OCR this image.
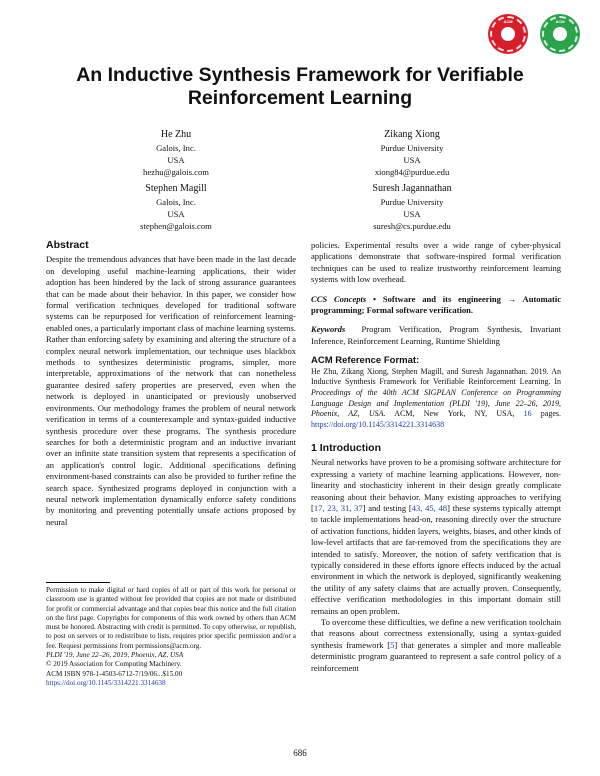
ACM	ACM
An Inductive Synthesis Framework for Verifiable
Reinforcement Learning
He Zhu
Galois, Inc.
USA
hezhu@galois.com
Zikang Xiong
Purdue University
USA
xiong84@purdue.edu
Stephen Magill
Galois, Inc.
USA
stephen@galois.com
Suresh Jagannathan
Purdue University
USA
suresh@cs.purdue.edu
Abstract

Despite the tremendous advances that have been made in the last decade on developing useful machine-learning applications, their wider adoption has been hindered by the lack of strong assurance guarantees that can be made about their behavior. In this paper, we consider how formal verification techniques developed for traditional software systems can be repurposed for verification of reinforcement learning-enabled ones, a particularly important class of machine learning systems. Rather than enforcing safety by examining and altering the structure of a complex neural network implementation, our technique uses blackbox methods to synthesizes deterministic programs, simpler, more interpretable, approximations of the network that can nonetheless guarantee desired safety properties are preserved, even when the network is deployed in unanticipated or previously unobserved environments. Our methodology frames the problem of neural network verification in terms of a counterexample and syntax-guided inductive synthesis procedure over these programs. The synthesis procedure searches for both a deterministic program and an inductive invariant over an infinite state transition system that represents a specification of an application's control logic. Additional specifications defining environment-based constraints can also be provided to further refine the search space. Synthesized programs deployed in conjunction with a neural network implementation dynamically enforce safety conditions by monitoring and preventing potentially unsafe actions proposed by neural

Permission to make digital or hard copies of all or part of this work for personal or classroom use is granted without fee provided that copies are not made or distributed for profit or commercial advantage and that copies bear this notice and the full citation on the first page. Copyrights for components of this work owned by others than ACM must be honored. Abstracting with credit is permitted. To copy otherwise, or republish, to post on servers or to redistribute to lists, requires prior specific permission and/or a fee. Request permissions from permissions@acm.org.

PLDI '19, June 22–26, 2019, Phoenix, AZ, USA

© 2019 Association for Computing Machinery.

ACM ISBN 978-1-4503-6712-7/19/06...$15.00

https://doi.org/10.1145/3314221.3314638

policies. Experimental results over a wide range of cyber-physical applications demonstrate that software-inspired formal verification techniques can be used to realize trustworthy reinforcement learning systems with low overhead.

CCS Concepts • Software and its engineering → Automatic programming; Formal software verification.

Keywords Program Verification, Program Synthesis, Invariant Inference, Reinforcement Learning, Runtime Shielding

ACM Reference Format:

He Zhu, Zikang Xiong, Stephen Magill, and Suresh Jagannathan. 2019. An Inductive Synthesis Framework for Verifiable Reinforcement Learning. In Proceedings of the 40th ACM SIGPLAN Conference on Programming Language Design and Implementation (PLDI '19), June 22–26, 2019, Phoenix, AZ, USA. ACM, New York, NY, USA, 16 pages. https://doi.org/10.1145/3314221.3314638

1 Introduction

Neural networks have proven to be a promising software architecture for expressing a variety of machine learning applications. However, non-linearity and stochasticity inherent in their design greatly complicate reasoning about their behavior. Many existing approaches to verifying [17, 23, 31, 37] and testing [43, 45, 48] these systems typically attempt to tackle implementations head-on, reasoning directly over the structure of activation functions, hidden layers, weights, biases, and other kinds of low-level artifacts that are far-removed from the specifications they are intended to satisfy. Moreover, the notion of safety verification that is typically considered in these efforts ignore effects induced by the actual environment in which the network is deployed, significantly weakening the utility of any safety claims that are actually proven. Consequently, effective verification methodologies in this important domain still remains an open problem.

To overcome these difficulties, we define a new verification toolchain that reasons about correctness extensionally, using a syntax-guided synthesis framework [5] that generates a simpler and more malleable deterministic program guaranteed to represent a safe control policy of a reinforcement

686
